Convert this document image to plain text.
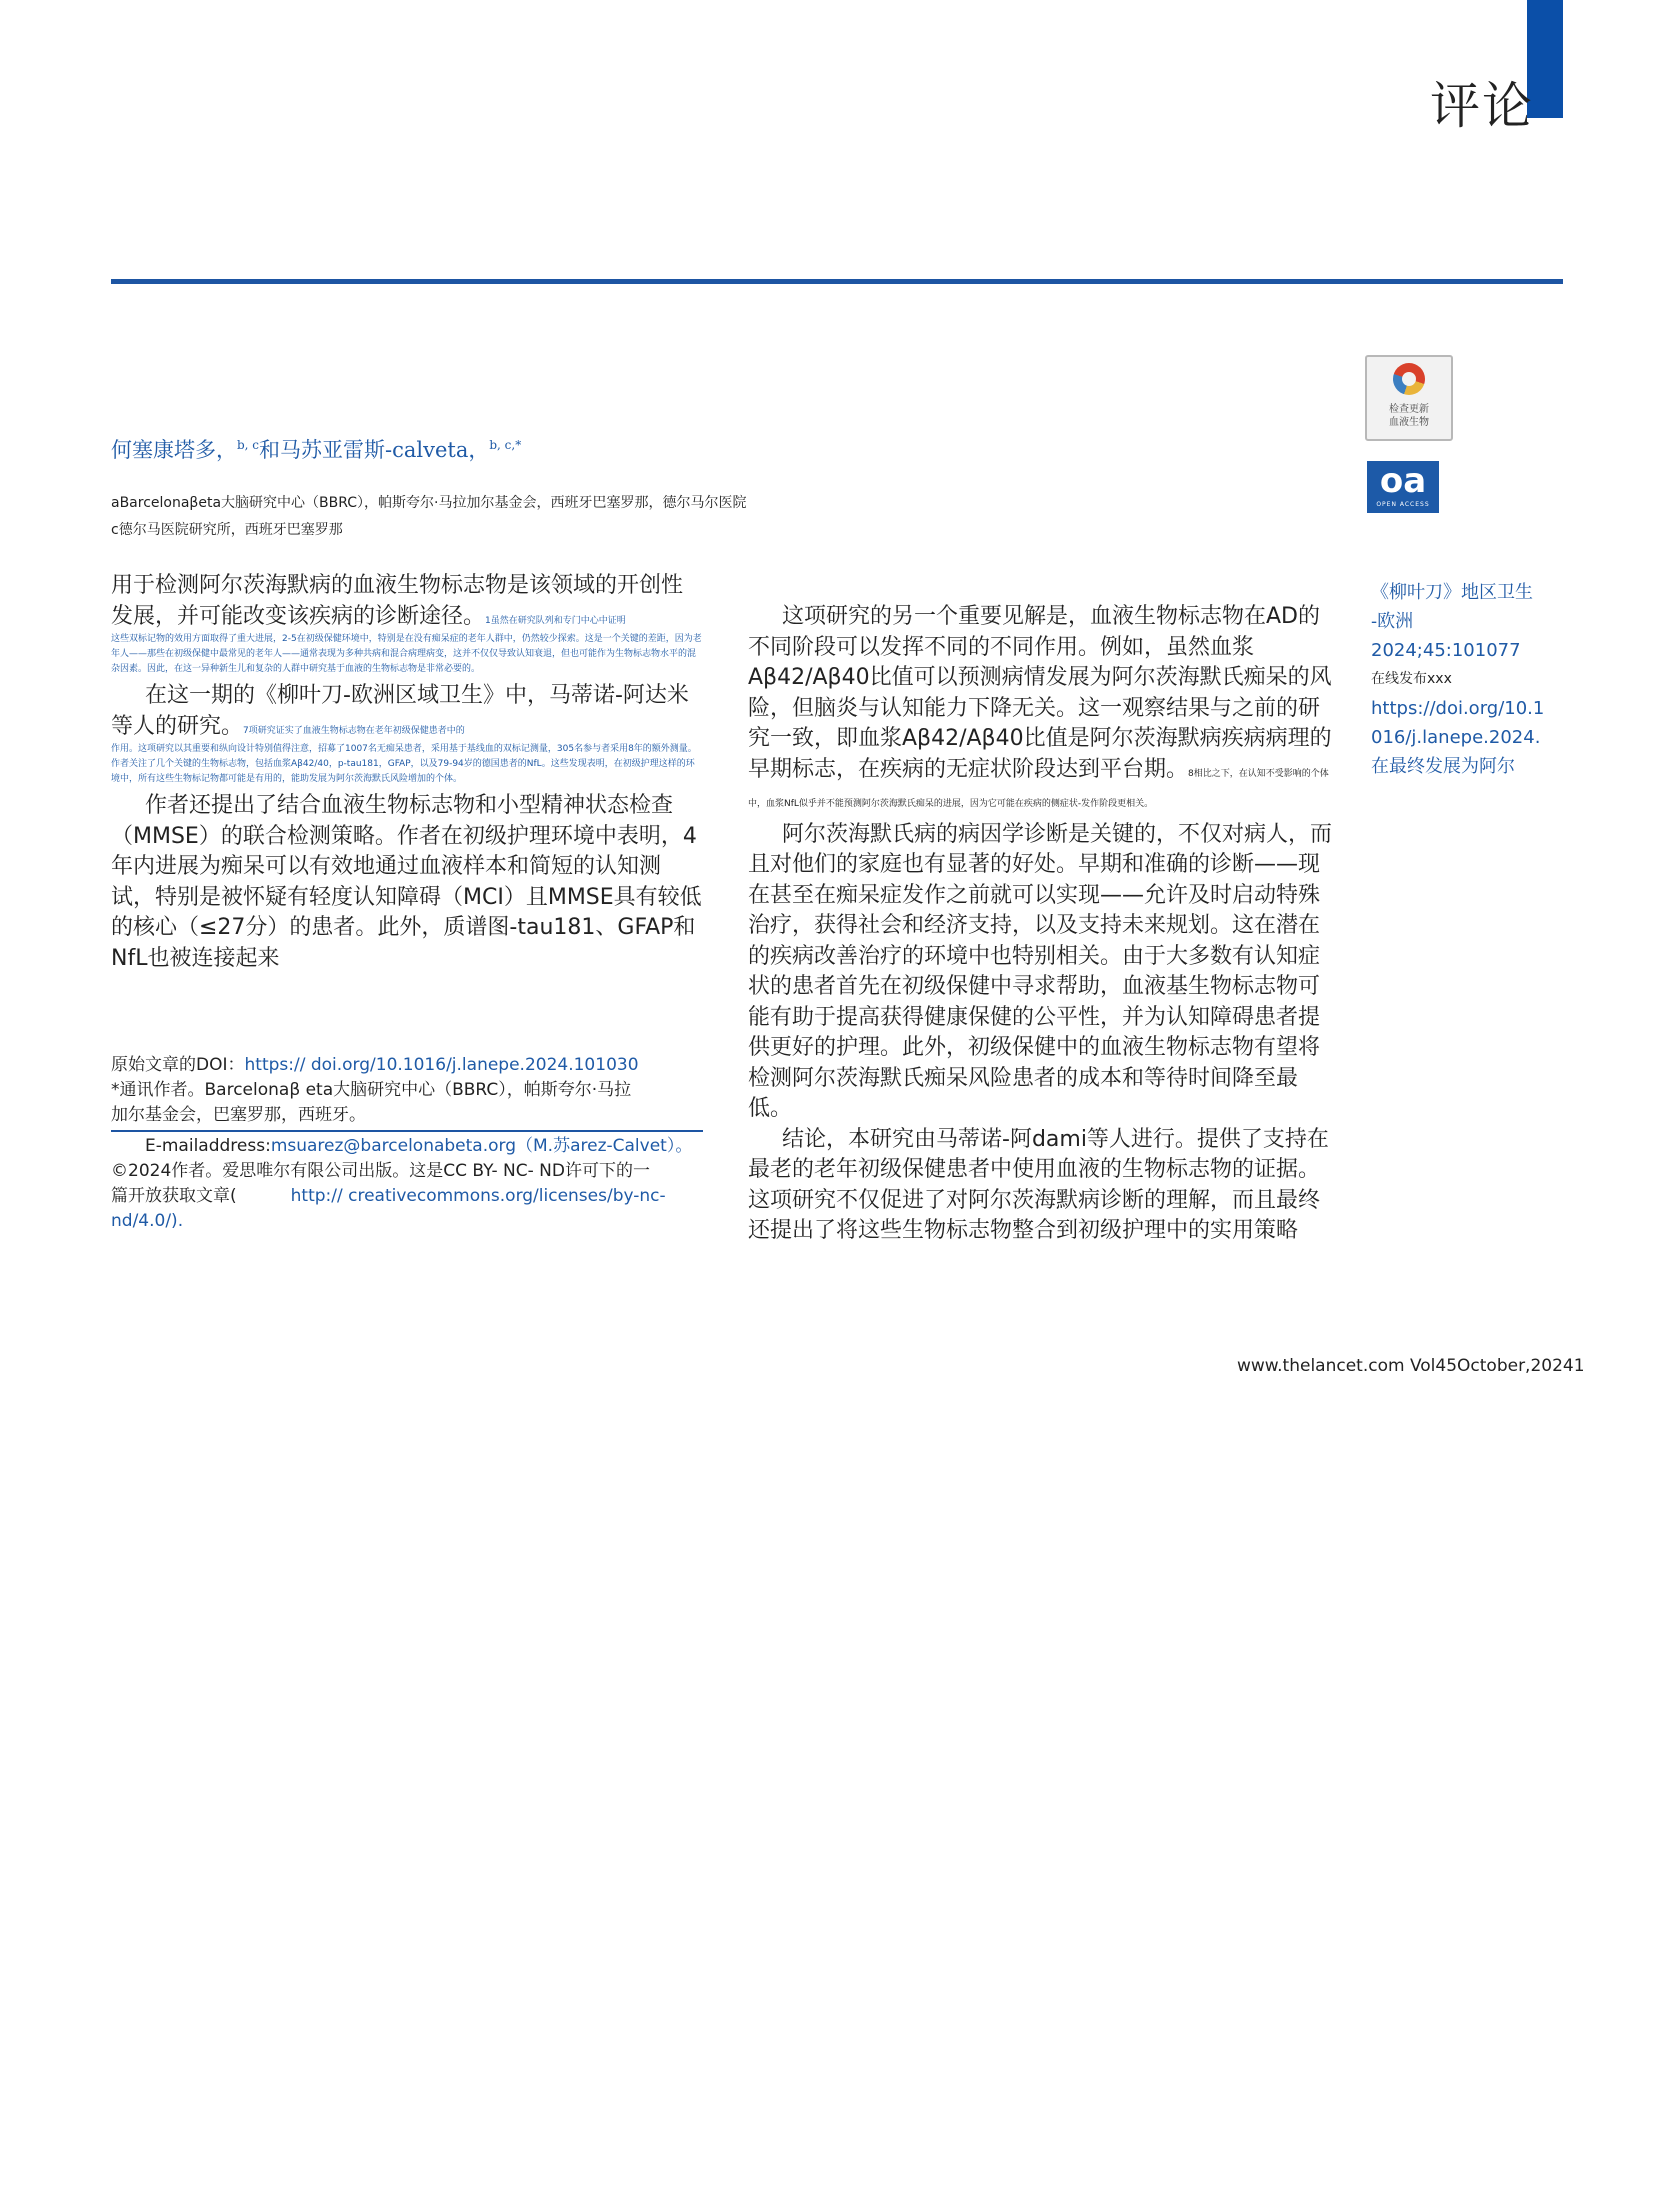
评论
检查更新
血液生物
oa
OPEN ACCESS
何塞康塔多，$^{b, c}$和马苏亚雷斯-calveta，$^{b, c,*}$
aBarcelonaβeta大脑研究中心（BBRC），帕斯夸尔·马拉加尔基金会，西班牙巴塞罗那，德尔马尔医院
c德尔马医院研究所，西班牙巴塞罗那

用于检测阿尔茨海默病的血液生物标志物是该领域的开创性发展，并可能改变该疾病的诊断途径。1虽然在研究队列和专门中心中证明

这些双标记物的效用方面取得了重大进展，2-5在初级保健环境中，特别是在没有痴呆症的老年人群中，仍然较少探索。这是一个关键的差距，因为老年人——那些在初级保健中最常见的老年人——通常表现为多种共病和混合病理病变，这并不仅仅导致认知衰退，但也可能作为生物标志物水平的混杂因素。因此，在这一异种新生儿和复杂的人群中研究基于血液的生物标志物是非常必要的。

在这一期的《柳叶刀-欧洲区域卫生》中，马蒂诺-阿达米等人的研究。7项研究证实了血液生物标志物在老年初级保健患者中的

作用。这项研究以其重要和纵向设计特别值得注意，招募了1007名无痴呆患者，采用基于基线血的双标记测量，305名参与者采用8年的额外测量。作者关注了几个关键的生物标志物，包括血浆Aβ42/40，p-tau181，GFAP，以及79-94岁的德国患者的NfL。这些发现表明，在初级护理这样的环境中，所有这些生物标记物都可能是有用的，能助发展为阿尔茨海默氏风险增加的个体。

作者还提出了结合血液生物标志物和小型精神状态检查（MMSE）的联合检测策略。作者在初级护理环境中表明，4年内进展为痴呆可以有效地通过血液样本和简短的认知测试，特别是被怀疑有轻度认知障碍（MCI）且MMSE具有较低的核心（≤27分）的患者。此外，质谱图-tau181、GFAP和NfL也被连接起来

这项研究的另一个重要见解是，血液生物标志物在AD的不同阶段可以发挥不同的不同作用。例如，虽然血浆Aβ42/Aβ40比值可以预测病情发展为阿尔茨海默氏痴呆的风险，但脑炎与认知能力下降无关。这一观察结果与之前的研究一致，即血浆Aβ42/Aβ40比值是阿尔茨海默病疾病病理的早期标志，在疾病的无症状阶段达到平台期。8相比之下，在认知不受影响的个体中，血浆NfL似乎并不能预测阿尔茨海默氏痴呆的进展，因为它可能在疾病的侧症状-发作阶段更相关。

阿尔茨海默氏病的病因学诊断是关键的，不仅对病人，而且对他们的家庭也有显著的好处。早期和准确的诊断——现在甚至在痴呆症发作之前就可以实现——允许及时启动特殊治疗，获得社会和经济支持，以及支持未来规划。这在潜在的疾病改善治疗的环境中也特别相关。由于大多数有认知症状的患者首先在初级保健中寻求帮助，血液基生物标志物可能有助于提高获得健康保健的公平性，并为认知障碍患者提供更好的护理。此外，初级保健中的血液生物标志物有望将检测阿尔茨海默氏痴呆风险患者的成本和等待时间降至最低。

结论，本研究由马蒂诺-阿dami等人进行。提供了支持在最老的老年初级保健患者中使用血液的生物标志物的证据。这项研究不仅促进了对阿尔茨海默病诊断的理解，而且最终还提出了将这些生物标志物整合到初级护理中的实用策略

《柳叶刀》地区卫生
-欧洲
2024;45:101077
在线发布xxx
https://doi.org/10.1
016/j.lanepe.2024.
在最终发展为阿尔
原始文章的DOI：https:// doi.org/10.1016/j.lanepe.2024.101030
*通讯作者。Barcelonaβ eta大脑研究中心（BBRC），帕斯夸尔·马拉
加尔基金会，巴塞罗那，西班牙。
E-mailaddress:msuarez@barcelonabeta.org（M.苏arez-Calvet）。
©2024作者。爱思唯尔有限公司出版。这是CC BY- NC- ND许可下的一
篇开放获取文章(	http:// creativecommons.org/licenses/by-nc-
nd/4.0/).
www.thelancet.com Vol45October,20241
